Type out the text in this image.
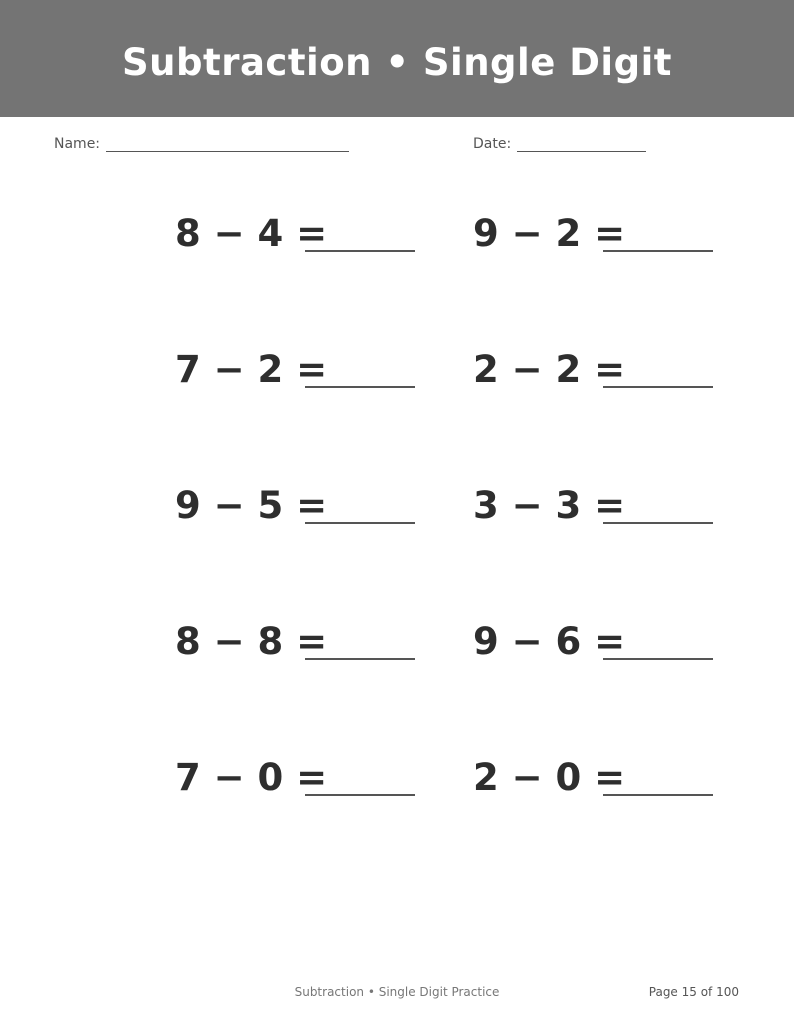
Subtraction • Single Digit
Name:	Date:
8 − 4 =	9 − 2 =
7 − 2 =	2 − 2 =
9 − 5 =	3 − 3 =
8 − 8 =	9 − 6 =
7 − 0 =	2 − 0 =
Subtraction • Single Digit Practice	Page 15 of 100
